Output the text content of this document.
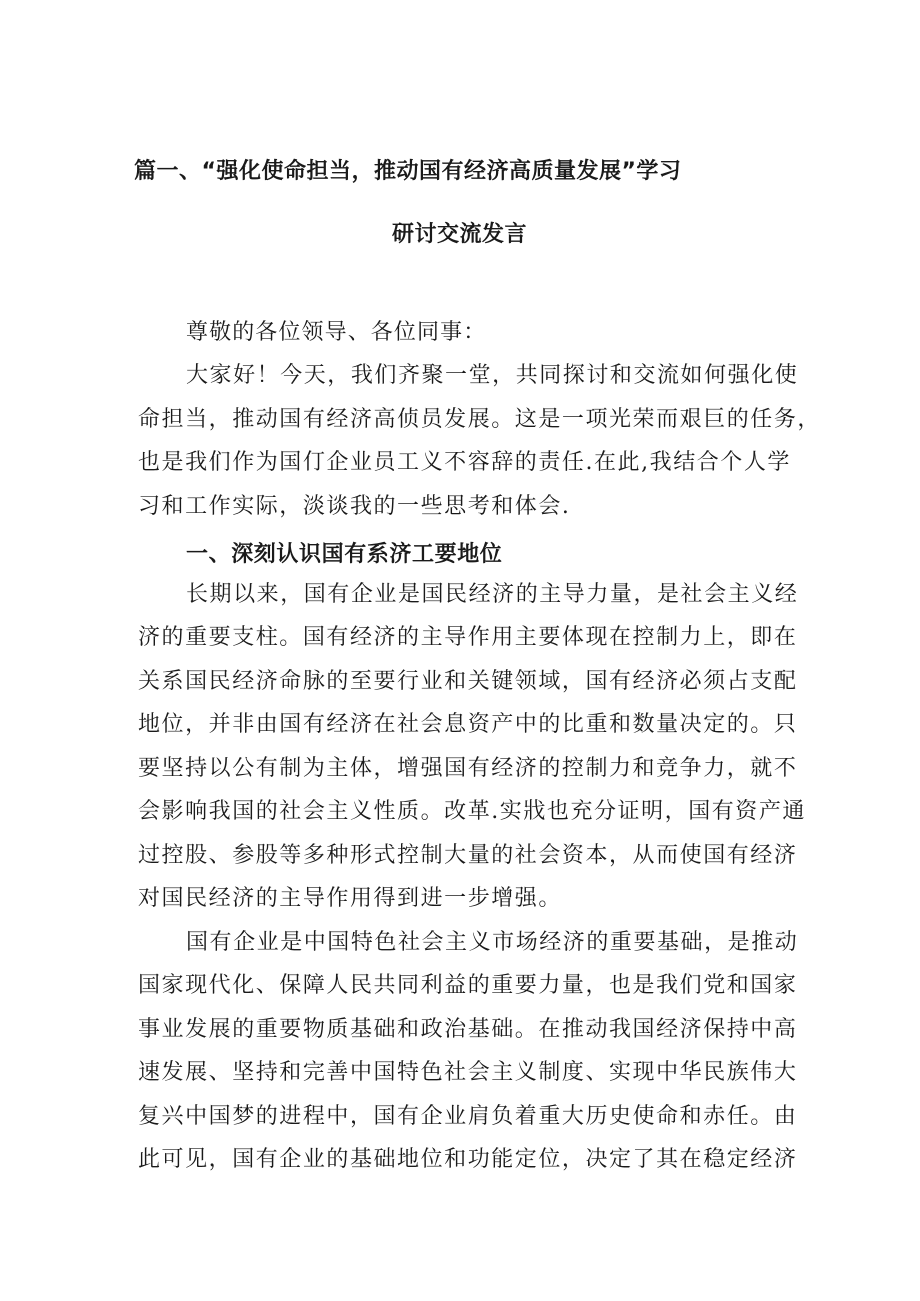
篇一、“强化使命担当，推动国有经济高质量发展”学习
研讨交流发言

尊敬的各位领导、各位同事：

大家好！今天，我们齐聚一堂，共同探讨和交流如何强化使

命担当，推动国有经济高侦员发展。这是一项光荣而艰巨的任务，

也是我们作为国仃企业员工义不容辞的责任.在此,我结合个人学

习和工作实际，淡谈我的一些思考和体会.

一、深刻认识国有系济工要地位

长期以来，国有企业是国民经济的主导力量，是社会主义经

济的重要支柱。国有经济的主导作用主要体现在控制力上，即在

关系国民经济命脉的至要行业和关键领域，国有经济必须占支配

地位，并非由国有经济在社会息资产中的比重和数量决定的。只

要坚持以公有制为主体，增强国有经济的控制力和竞争力，就不

会影响我国的社会主义性质。改革.实戕也充分证明，国有资产通

过控股、参股等多种形式控制大量的社会资本，从而使国有经济

对国民经济的主导作用得到进一步增强。

国有企业是中国特色社会主义市场经济的重要基础，是推动

国家现代化、保障人民共同利益的重要力量，也是我们党和国家

事业发展的重要物质基础和政治基础。在推动我国经济保持中高

速发展、坚持和完善中国特色社会主义制度、实现中华民族伟大

复兴中国梦的进程中，国有企业肩负着重大历史使命和赤任。由

此可见，国有企业的基础地位和功能定位，决定了其在稳定经济
